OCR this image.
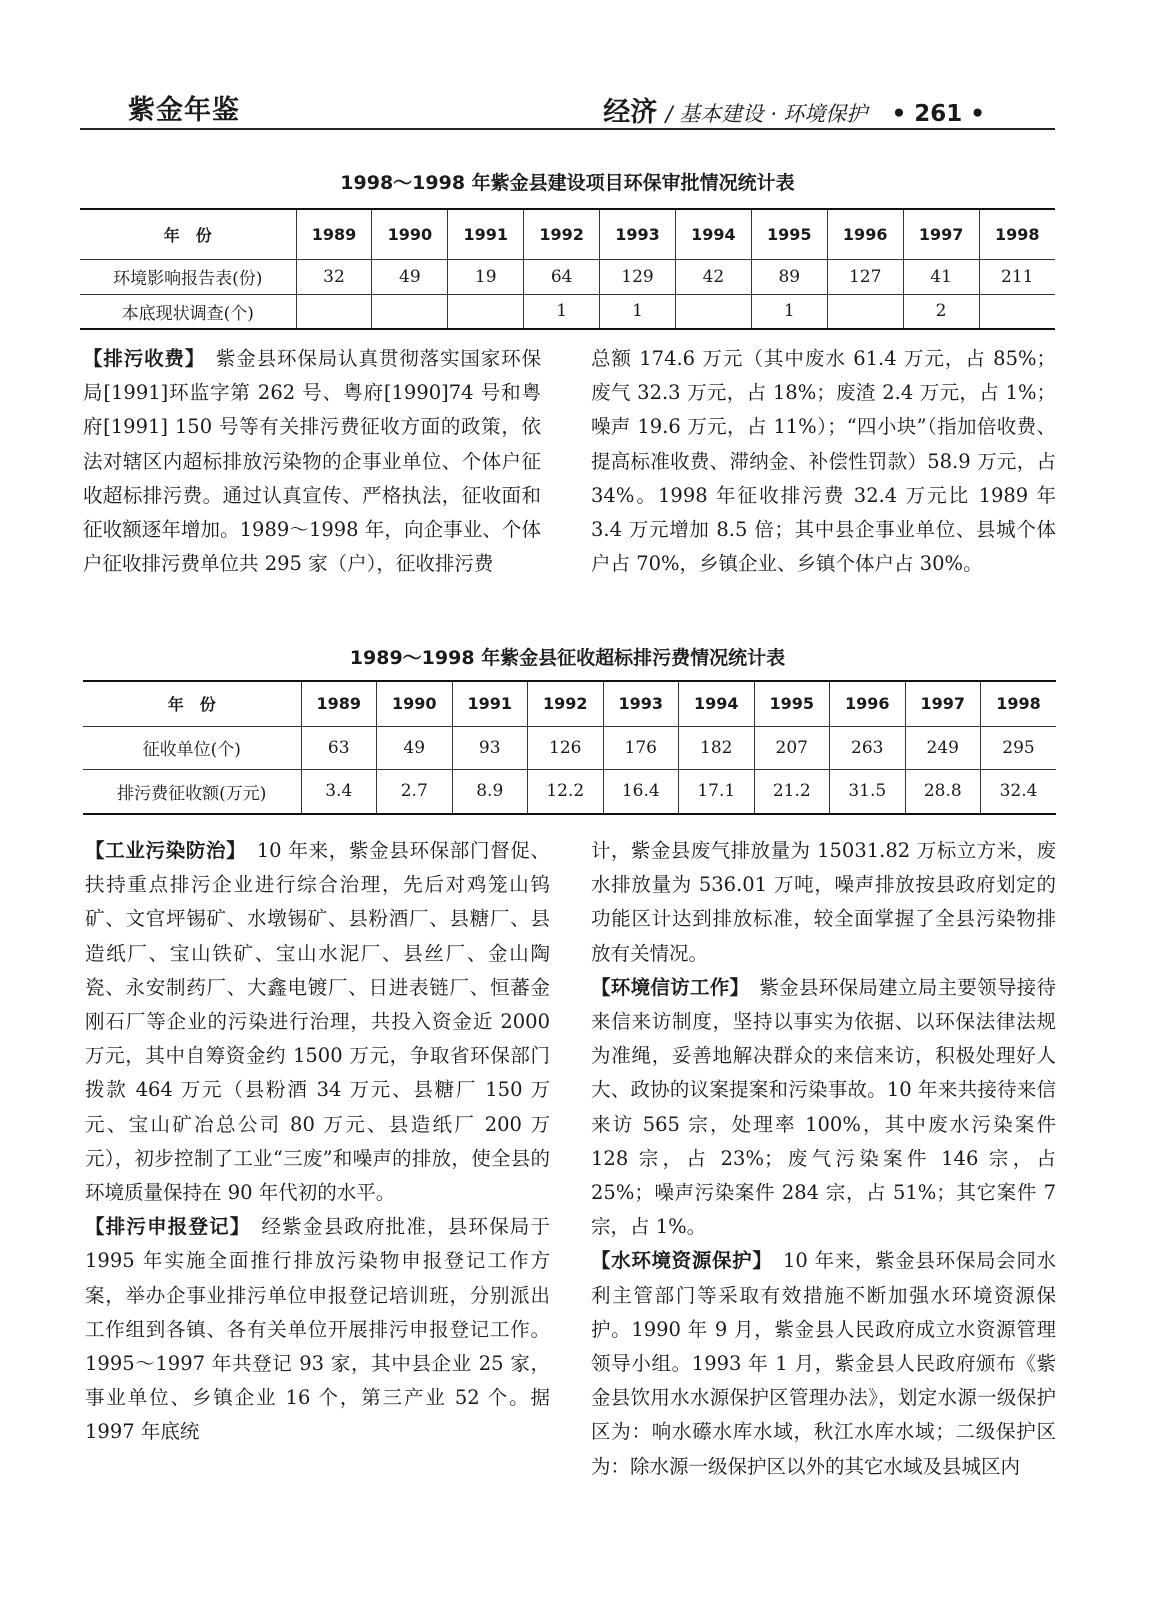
紫金年鉴	经济 / 基本建设 · 环境保护 • 261 •
1998～1998 年紫金县建设项目环保审批情况统计表
年　份	1989	1990	1991	1992	1993	1994	1995	1996	1997	1998
环境影响报告表(份)	32	49	19	64	129	42	89	127	41	211
本底现状调查(个)				1	1		1		2	

【排污收费】　紫金县环保局认真贯彻落实国家环保局[1991]环监字第 262 号、粤府[1990]74 号和粤府[1991] 150 号等有关排污费征收方面的政策，依法对辖区内超标排放污染物的企事业单位、个体户征收超标排污费。通过认真宣传、严格执法，征收面和征收额逐年增加。1989～1998 年，向企事业、个体户征收排污费单位共 295 家（户），征收排污费

总额 174.6 万元（其中废水 61.4 万元，占 85%；废气 32.3 万元，占 18%；废渣 2.4 万元，占 1%；噪声 19.6 万元，占 11%）；“四小块”（指加倍收费、提高标准收费、滞纳金、补偿性罚款）58.9 万元，占 34%。1998 年征收排污费 32.4 万元比 1989 年 3.4 万元增加 8.5 倍；其中县企事业单位、县城个体户占 70%，乡镇企业、乡镇个体户占 30%。

1989～1998 年紫金县征收超标排污费情况统计表
年　份	1989	1990	1991	1992	1993	1994	1995	1996	1997	1998
征收单位(个)	63	49	93	126	176	182	207	263	249	295
排污费征收额(万元)	3.4	2.7	8.9	12.2	16.4	17.1	21.2	31.5	28.8	32.4

【工业污染防治】　10 年来，紫金县环保部门督促、扶持重点排污企业进行综合治理，先后对鸡笼山钨矿、文官坪锡矿、水墩锡矿、县粉酒厂、县糖厂、县造纸厂、宝山铁矿、宝山水泥厂、县丝厂、金山陶瓷、永安制药厂、大鑫电镀厂、日进表链厂、恒蕃金刚石厂等企业的污染进行治理，共投入资金近 2000 万元，其中自筹资金约 1500 万元，争取省环保部门拨款 464 万元（县粉酒 34 万元、县糖厂 150 万元、宝山矿冶总公司 80 万元、县造纸厂 200 万元），初步控制了工业“三废”和噪声的排放，使全县的环境质量保持在 90 年代初的水平。

【排污申报登记】　经紫金县政府批准，县环保局于 1995 年实施全面推行排放污染物申报登记工作方案，举办企事业排污单位申报登记培训班，分别派出工作组到各镇、各有关单位开展排污申报登记工作。1995～1997 年共登记 93 家，其中县企业 25 家，事业单位、乡镇企业 16 个，第三产业 52 个。据 1997 年底统

计，紫金县废气排放量为 15031.82 万标立方米，废水排放量为 536.01 万吨，噪声排放按县政府划定的功能区计达到排放标准，较全面掌握了全县污染物排放有关情况。

【环境信访工作】　紫金县环保局建立局主要领导接待来信来访制度，坚持以事实为依据、以环保法律法规为准绳，妥善地解决群众的来信来访，积极处理好人大、政协的议案提案和污染事故。10 年来共接待来信来访 565 宗，处理率 100%，其中废水污染案件 128 宗，占 23%；废气污染案件 146 宗，占 25%；噪声污染案件 284 宗，占 51%；其它案件 7 宗，占 1%。

【水环境资源保护】　10 年来，紫金县环保局会同水利主管部门等采取有效措施不断加强水环境资源保护。1990 年 9 月，紫金县人民政府成立水资源管理领导小组。1993 年 1 月，紫金县人民政府颁布《紫金县饮用水水源保护区管理办法》，划定水源一级保护区为：响水礤水库水域，秋江水库水域；二级保护区为：除水源一级保护区以外的其它水域及县城区内
